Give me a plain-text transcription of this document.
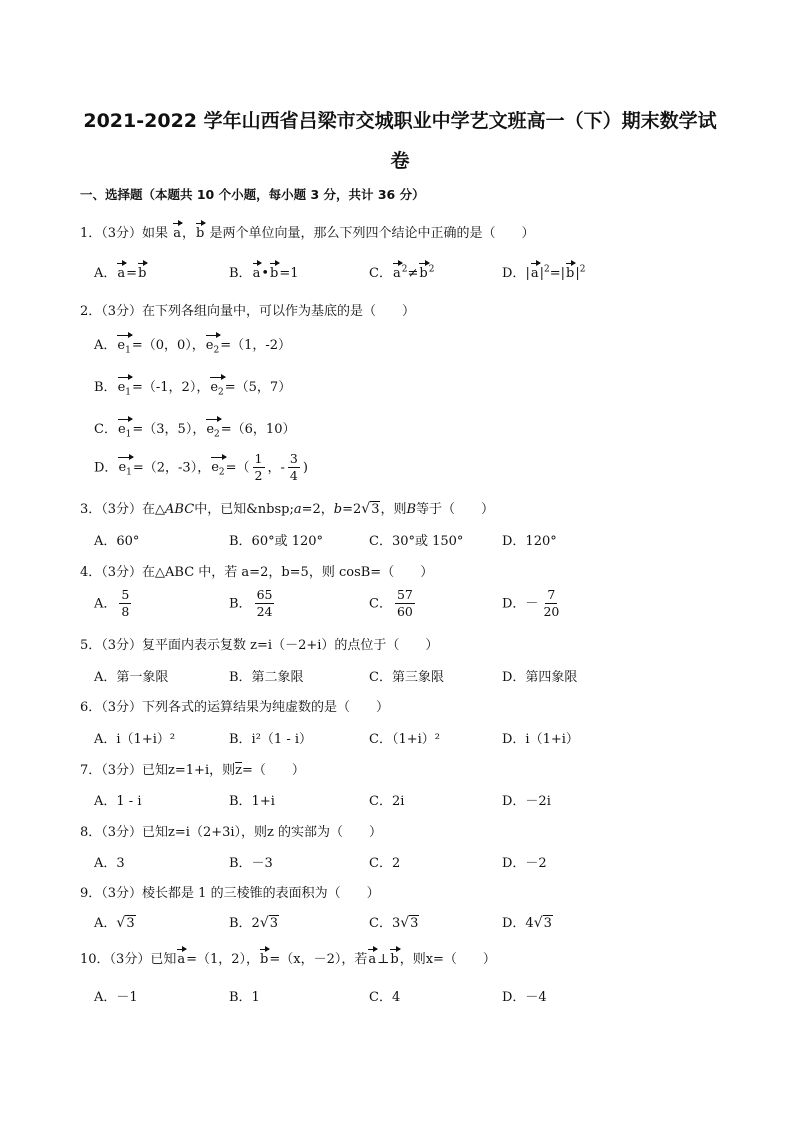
2021-2022 学年山西省吕梁市交城职业中学艺文班高一（下）期末数学试
卷
一、选择题（本题共 10 个小题，每小题 3 分，共计 36 分）
1．（3分）如果 a，b 是两个单位向量，那么下列四个结论中正确的是（　　）
A．a=b	B．a•b=1	C．$a^2\ne b^2$	D．$|a|^2=|b|^2$
2．（3分）在下列各组向量中，可以作为基底的是（　　）
A．$e_1=(0$，0），$e_2=(1$，-2）
B．$e_1=(-1$，2），$e_2=(5$，7）
C．$e_1=(3$，5），$e_2=(6$，10）
D．$e_1=(2$，-3），$e_2=( \frac{1}{2}$ ，- $\frac{3}{4}$ )
3．（3分）在△ABC中，已知&nbsp;a=2，b=2√3，则B等于（　　）
A．60°	B．60°或 120°	C．30°或 150°	D．120°
4．（3分）在△ABC 中，若 a=2，b=5，则 cosB=（　　）
A． $\frac{5}{8}$	B． $\frac{65}{24}$	C． $\frac{57}{60}$	D．－ $\frac{7}{20}$
5．（3分）复平面内表示复数 z=i（－2+i）的点位于（　　）
A．第一象限	B．第二象限	C．第三象限	D．第四象限
6．（3分）下列各式的运算结果为纯虚数的是（　　）
A．i（1+i）²	B．i²（1 - i）	C．（1+i）²	D．i（1+i）
7．（3分）已知z=1+i，则z=（　　）
A．1 - i	B．1+i	C．2i	D．－2i
8．（3分）已知z=i（2+3i），则z 的实部为（　　）
A．3	B．－3	C．2	D．－2
9．（3分）棱长都是 1 的三棱锥的表面积为（　　）
A．√3	B．2√3	C．3√3	D．4√3
10．（3分）已知a=（1，2），b=（x，－2），若a⊥b，则x=（　　）
A．－1	B．1	C．4	D．－4
